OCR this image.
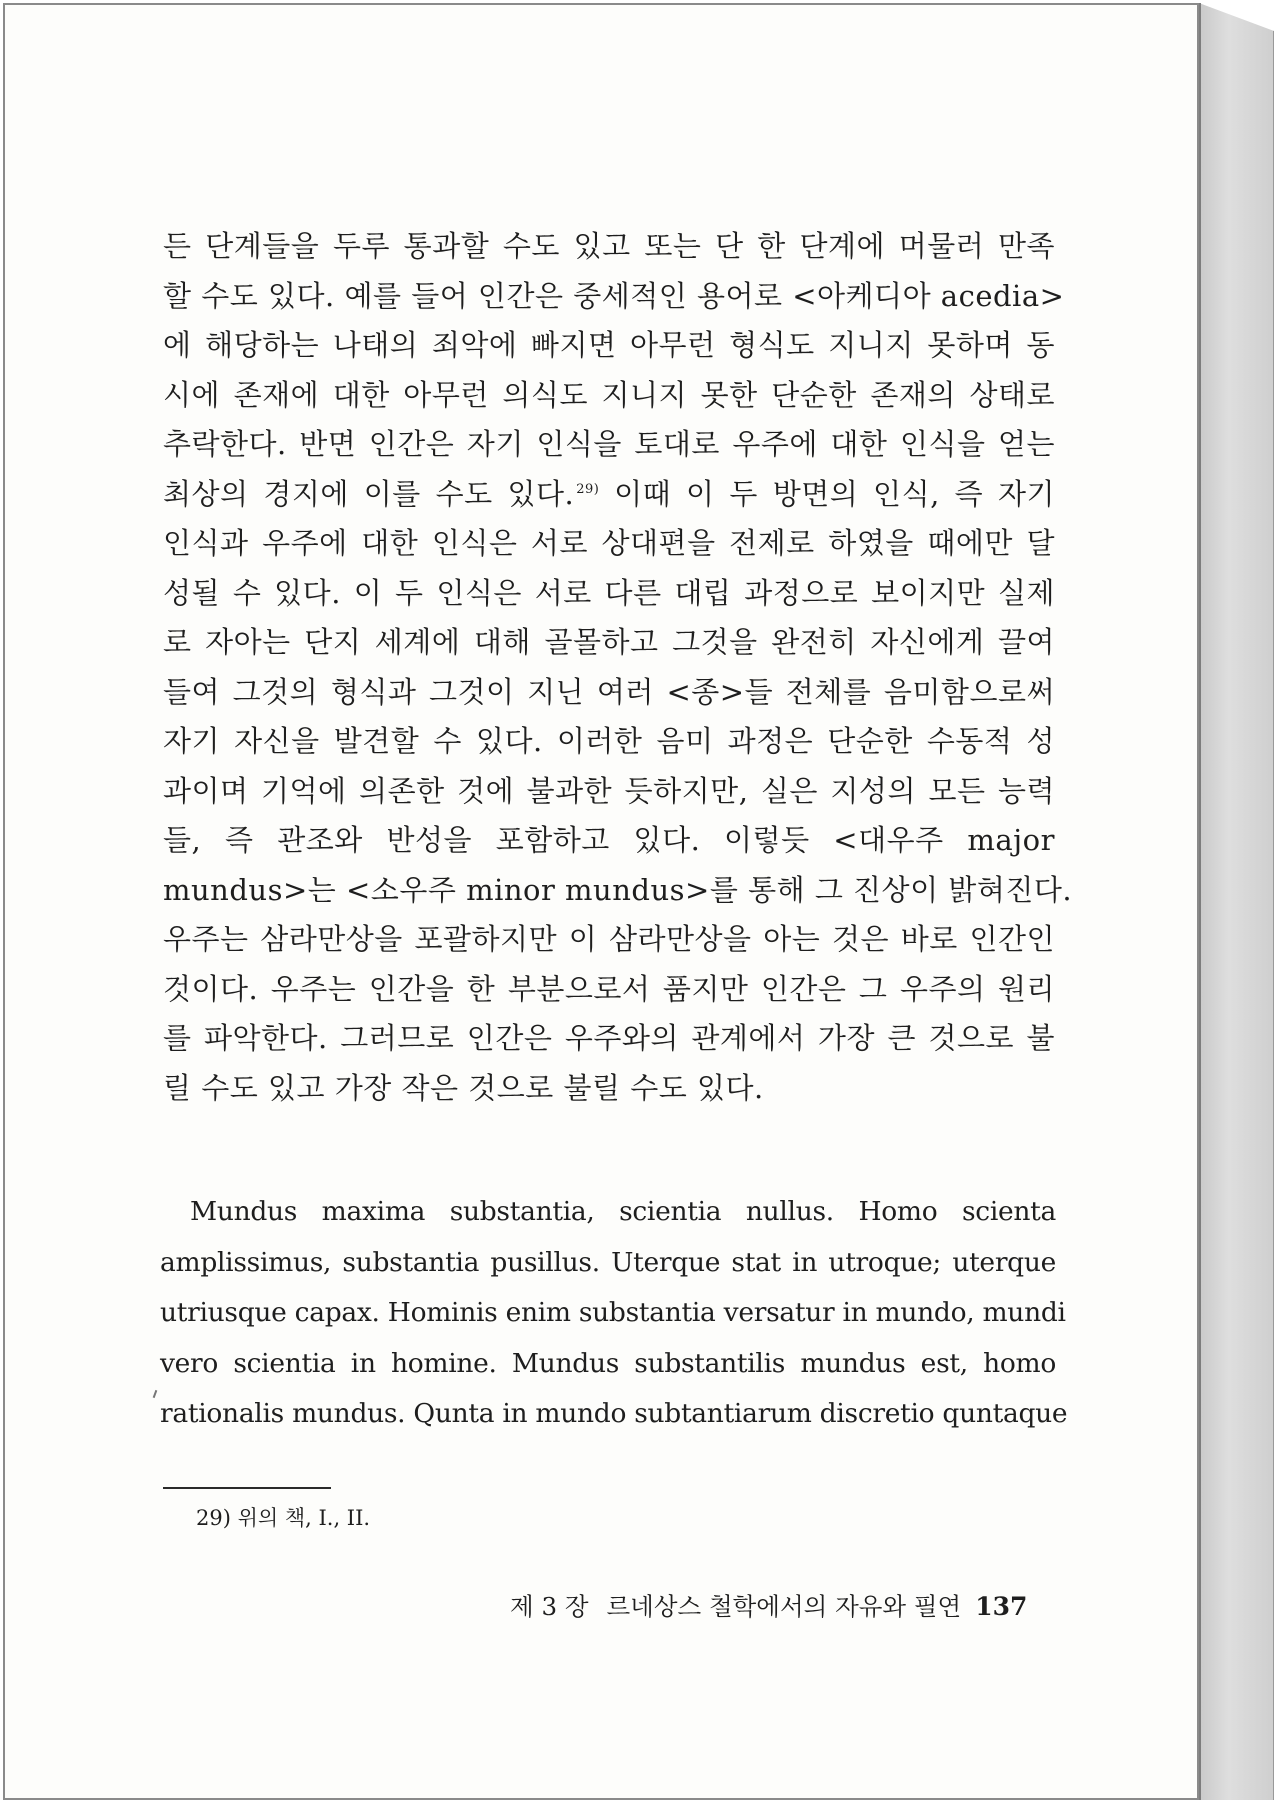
든 단계들을 두루 통과할 수도 있고 또는 단 한 단계에 머물러 만족
할 수도 있다. 예를 들어 인간은 중세적인 용어로 <아케디아 acedia>
에 해당하는 나태의 죄악에 빠지면 아무런 형식도 지니지 못하며 동
시에 존재에 대한 아무런 의식도 지니지 못한 단순한 존재의 상태로
추락한다. 반면 인간은 자기 인식을 토대로 우주에 대한 인식을 얻는
최상의 경지에 이를 수도 있다. $^{29)}$ 이때 이 두 방면의 인식, 즉 자기
인식과 우주에 대한 인식은 서로 상대편을 전제로 하였을 때에만 달
성될 수 있다. 이 두 인식은 서로 다른 대립 과정으로 보이지만 실제
로 자아는 단지 세계에 대해 골몰하고 그것을 완전히 자신에게 끌여
들여 그것의 형식과 그것이 지닌 여러 <종>들 전체를 음미함으로써
자기 자신을 발견할 수 있다. 이러한 음미 과정은 단순한 수동적 성
과이며 기억에 의존한 것에 불과한 듯하지만, 실은 지성의 모든 능력
들, 즉 관조와 반성을 포함하고 있다. 이렇듯 <대우주 major
mundus>는 <소우주 minor mundus>를 통해 그 진상이 밝혀진다.
우주는 삼라만상을 포괄하지만 이 삼라만상을 아는 것은 바로 인간인
것이다. 우주는 인간을 한 부분으로서 품지만 인간은 그 우주의 원리
를 파악한다. 그러므로 인간은 우주와의 관계에서 가장 큰 것으로 불
릴 수도 있고 가장 작은 것으로 불릴 수도 있다.
Mundus maxima substantia, scientia nullus. Homo scienta
amplissimus, substantia pusillus. Uterque stat in utroque; uterque
utriusque capax. Hominis enim substantia versatur in mundo, mundi
vero scientia in homine. Mundus substantilis mundus est, homo
rationalis mundus. Qunta in mundo subtantiarum discretio quntaque
29) 위의 책, I., II.
제 3 장 르네상스 철학에서의 자유와 필연 137
